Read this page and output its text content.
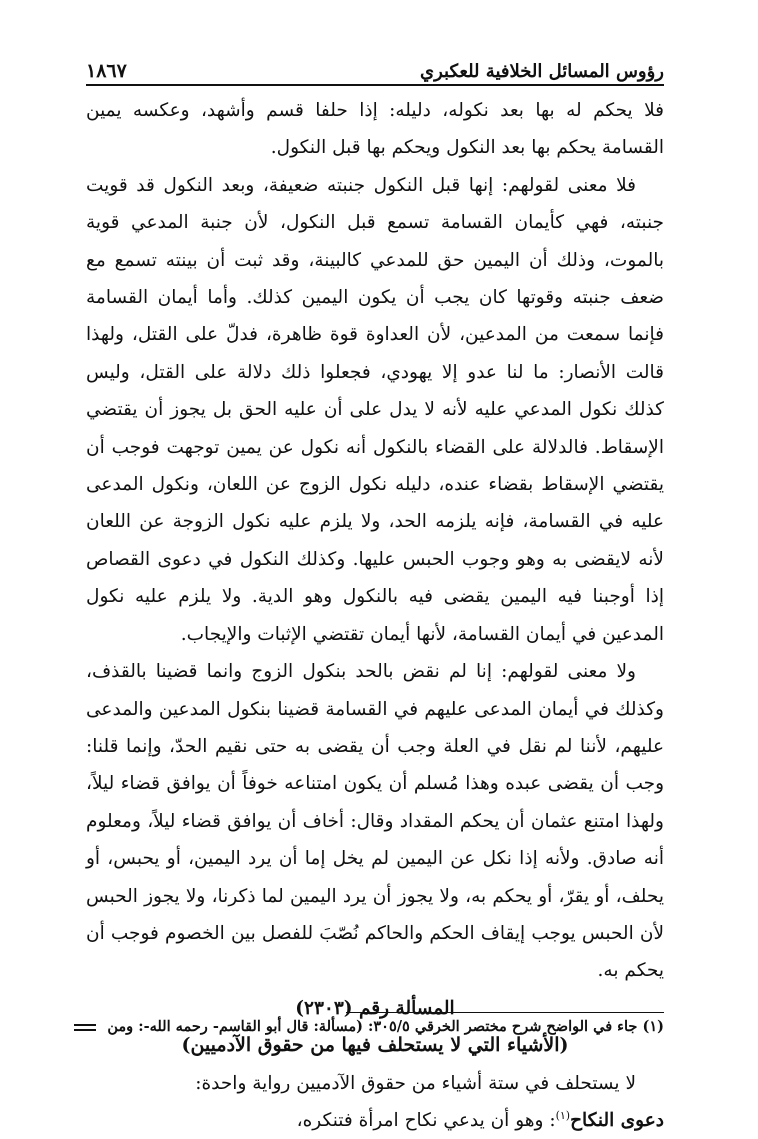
رؤوس المسائل الخلافية للعكبري
١٨٦٧

فلا يحكم له بها بعد نكوله، دليله: إذا حلفا قسم وأشهد، وعكسه يمين القسامة يحكم بها بعد النكول ويحكم بها قبل النكول.

فلا معنى لقولهم: إنها قبل النكول جنبته ضعيفة، وبعد النكول قد قويت جنبته، فهي كأيمان القسامة تسمع قبل النكول، لأن جنبة المدعي قوية بالموت، وذلك أن اليمين حق للمدعي كالبينة، وقد ثبت أن بينته تسمع مع ضعف جنبته وقوتها كان يجب أن يكون اليمين كذلك. وأما أيمان القسامة فإنما سمعت من المدعين، لأن العداوة قوة ظاهرة، فدلّ على القتل، ولهذا قالت الأنصار: ما لنا عدو إلا يهودي، فجعلوا ذلك دلالة على القتل، وليس كذلك نكول المدعي عليه لأنه لا يدل على أن عليه الحق بل يجوز أن يقتضي الإسقاط. فالدلالة على القضاء بالنكول أنه نكول عن يمين توجهت فوجب أن يقتضي الإسقاط بقضاء عنده، دليله نكول الزوج عن اللعان، ونكول المدعى عليه في القسامة، فإنه يلزمه الحد، ولا يلزم عليه نكول الزوجة عن اللعان لأنه لايقضى به وهو وجوب الحبس عليها. وكذلك النكول في دعوى القصاص إذا أوجبنا فيه اليمين يقضى فيه بالنكول وهو الدية. ولا يلزم عليه نكول المدعين في أيمان القسامة، لأنها أيمان تقتضي الإثبات والإيجاب.

ولا معنى لقولهم: إنا لم نقض بالحد بنكول الزوج وانما قضينا بالقذف، وكذلك في أيمان المدعى عليهم في القسامة قضينا بنكول المدعين والمدعى عليهم، لأننا لم نقل في العلة وجب أن يقضى به حتى نقيم الحدّ، وإنما قلنا: وجب أن يقضى عبده وهذا مُسلم أن يكون امتناعه خوفاً أن يوافق قضاء ليلاً، ولهذا امتنع عثمان أن يحكم المقداد وقال: أخاف أن يوافق قضاء ليلاً، ومعلوم أنه صادق. ولأنه إذا نكل عن اليمين لم يخل إما أن يرد اليمين، أو يحبس، أو يحلف، أو يقرّ، أو يحكم به، ولا يجوز أن يرد اليمين لما ذكرنا، ولا يجوز الحبس لأن الحبس يوجب إيقاف الحكم والحاكم نُصّبَ للفصل بين الخصوم فوجب أن يحكم به.

المسألة رقم (٢٣٠٣)

(الأشياء التي لا يستحلف فيها من حقوق الآدميين)

لا يستحلف في ستة أشياء من حقوق الآدميين رواية واحدة:

دعوى النكاح$^{(١)}$: وهو أن يدعي نكاح امرأة فتنكره،

(١) جاء في الواضح شرح مختصر الخرقي ٣٠٥/٥: (مسألة: قال أبو القاسم- رحمه الله-: ومن
